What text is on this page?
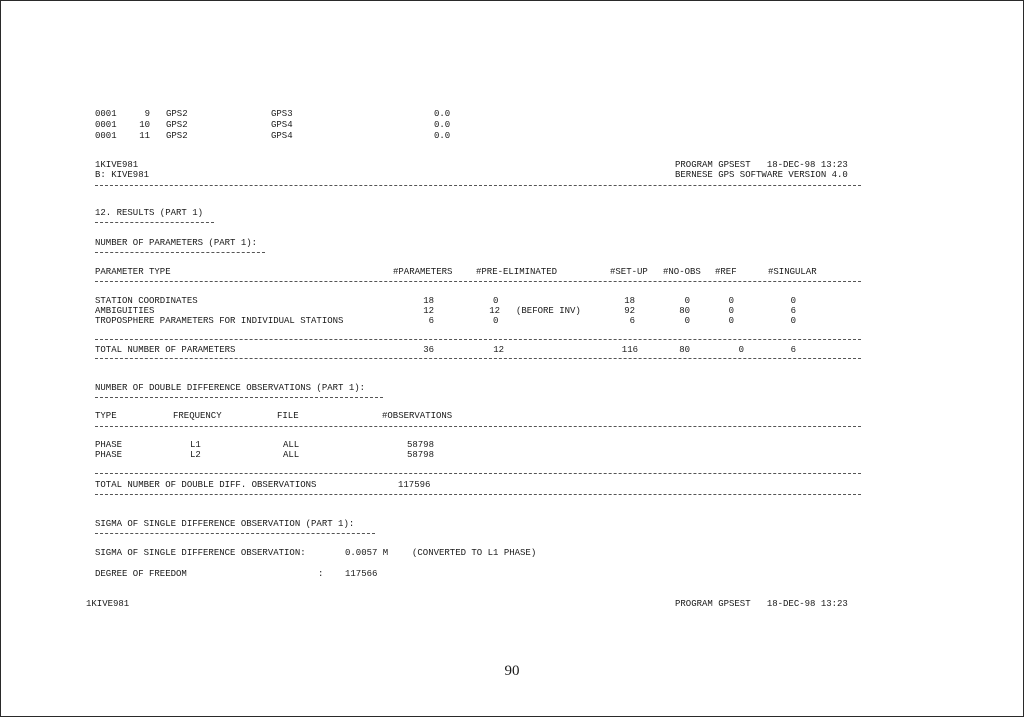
0001	9 GPS2	GPS3	0.0
0001	10 GPS2	GPS4	0.0
0001	11 GPS2	GPS4	0.0
1KIVE981
B: KIVE981
PROGRAM GPSEST   18-DEC-98 13:23
BERNESE GPS SOFTWARE VERSION 4.0
12. RESULTS (PART 1)
NUMBER OF PARAMETERS (PART 1):
PARAMETER TYPE	#PARAMETERS	#PRE-ELIMINATED	#SET-UP #NO-OBS #REF	#SINGULAR
STATION COORDINATES	18	0	18	0	0	0
AMBIGUITIES	12	12 (BEFORE INV)	92	80	0	6
TROPOSPHERE PARAMETERS FOR INDIVIDUAL STATIONS	6	0	6	0	0	0
TOTAL NUMBER OF PARAMETERS	36	12	116	80	0	6
NUMBER OF DOUBLE DIFFERENCE OBSERVATIONS (PART 1):
TYPE	FREQUENCY	FILE	#OBSERVATIONS
PHASE	L1	ALL	58798
PHASE	L2	ALL	58798
TOTAL NUMBER OF DOUBLE DIFF. OBSERVATIONS	117596
SIGMA OF SINGLE DIFFERENCE OBSERVATION (PART 1):
SIGMA OF SINGLE DIFFERENCE OBSERVATION:	0.0057 M	(CONVERTED TO L1 PHASE)
DEGREE OF FREEDOM	: 117566
1KIVE981	PROGRAM GPSEST   18-DEC-98 13:23
90
